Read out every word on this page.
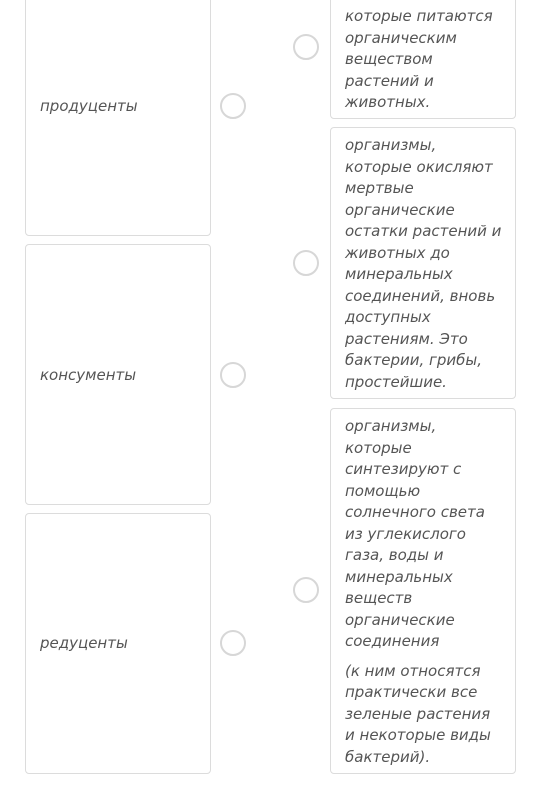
продуценты
консументы
редуценты

которые питаются органическим веществом растений и животных.

организмы, которые окисляют мертвые органические остатки растений и животных до минеральных соединений, вновь доступных растениям. Это бактерии, грибы, простейшие.

организмы, которые синтезируют с помощью солнечного света из углекислого газа, воды и минеральных веществ органические соединения

(к ним относятся практически все зеленые растения и некоторые виды бактерий).
